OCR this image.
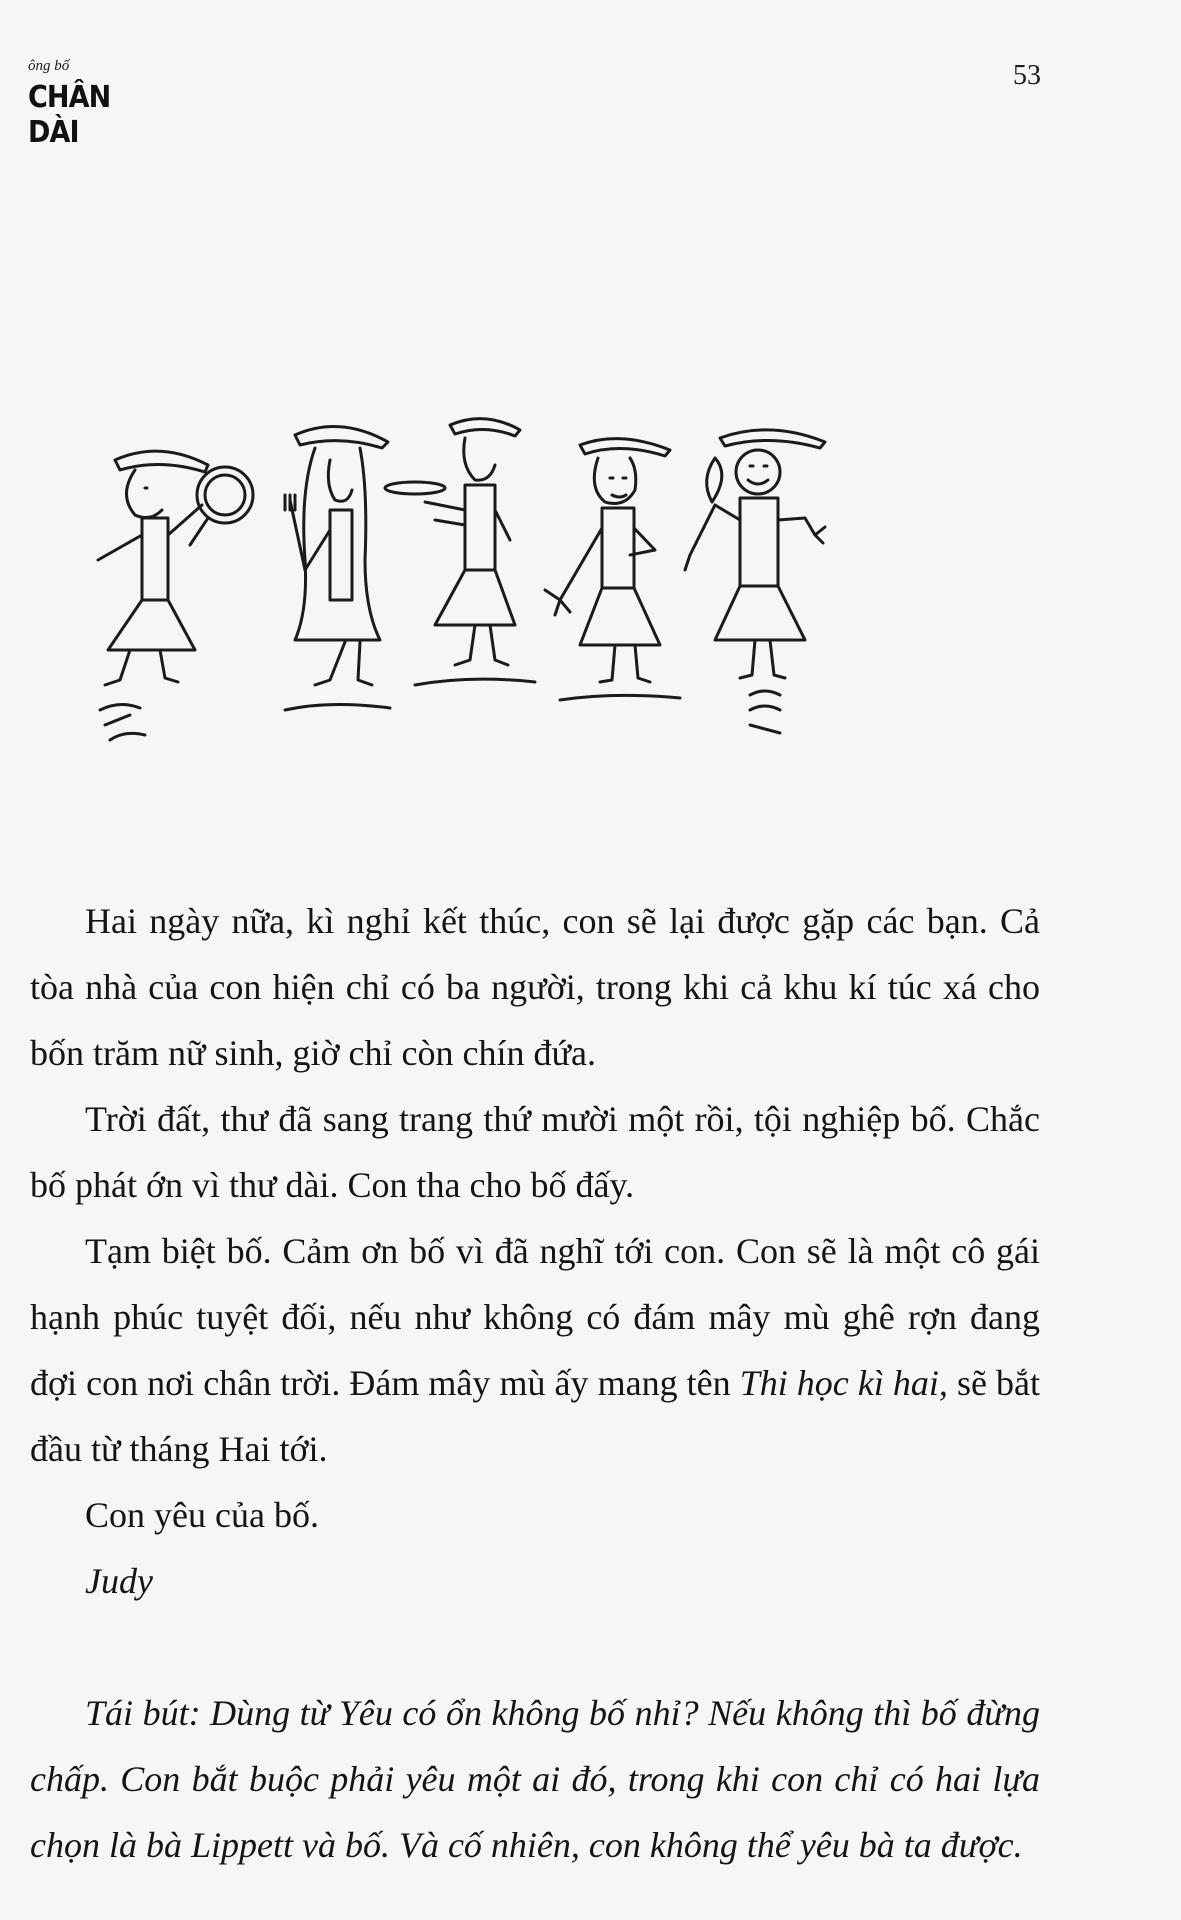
ông bố
CHÂN DÀI
53

Hai ngày nữa, kì nghỉ kết thúc, con sẽ lại được gặp các bạn. Cả tòa nhà của con hiện chỉ có ba người, trong khi cả khu kí túc xá cho bốn trăm nữ sinh, giờ chỉ còn chín đứa.

Trời đất, thư đã sang trang thứ mười một rồi, tội nghiệp bố. Chắc bố phát ớn vì thư dài. Con tha cho bố đấy.

Tạm biệt bố. Cảm ơn bố vì đã nghĩ tới con. Con sẽ là một cô gái hạnh phúc tuyệt đối, nếu như không có đám mây mù ghê rợn đang đợi con nơi chân trời. Đám mây mù ấy mang tên Thi học kì hai, sẽ bắt đầu từ tháng Hai tới.

Con yêu của bố.

Judy

Tái bút: Dùng từ Yêu có ổn không bố nhỉ? Nếu không thì bố đừng chấp. Con bắt buộc phải yêu một ai đó, trong khi con chỉ có hai lựa chọn là bà Lippett và bố. Và cố nhiên, con không thể yêu bà ta được.
